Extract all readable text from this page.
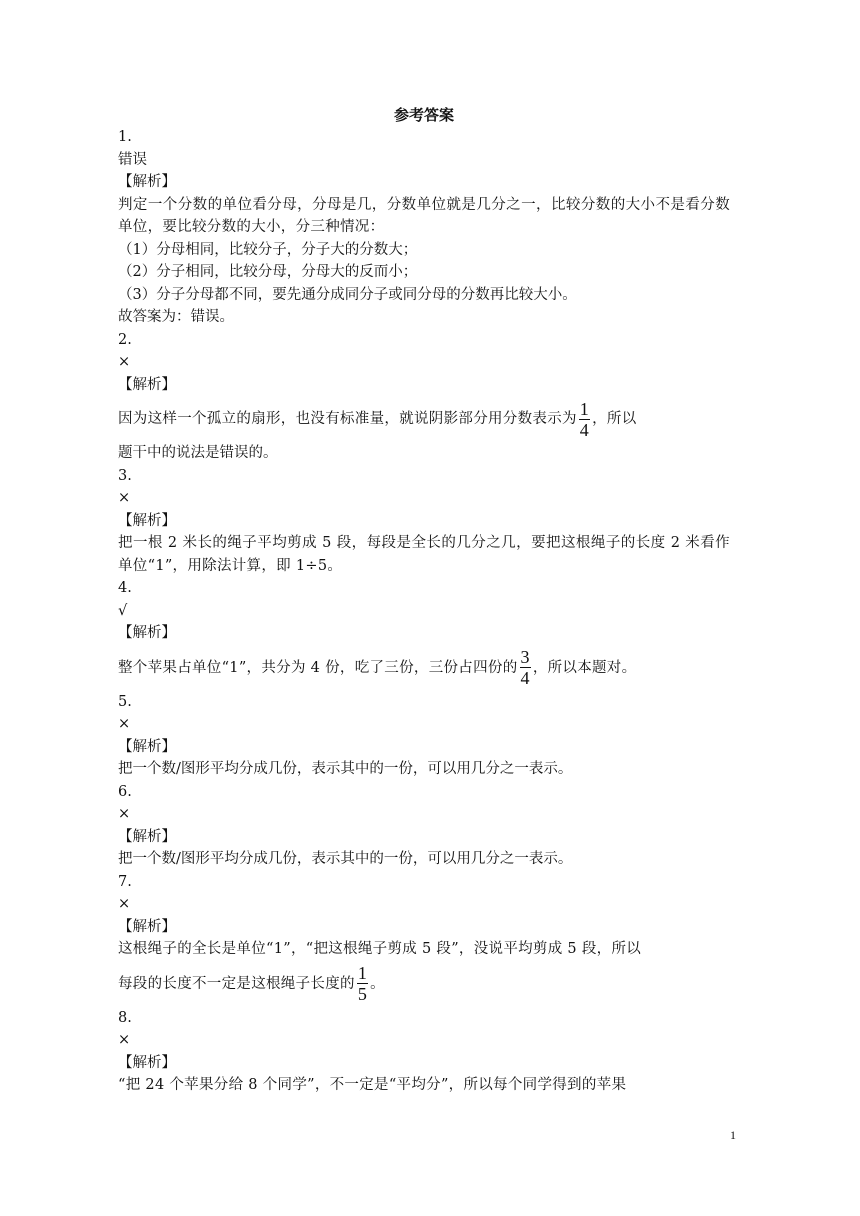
参考答案
1.
错误
【解析】
判定一个分数的单位看分母，分母是几，分数单位就是几分之一，比较分数的大小不是看分数单位，要比较分数的大小，分三种情况：
（1）分母相同，比较分子，分子大的分数大；
（2）分子相同，比较分母，分母大的反而小；
（3）分子分母都不同，要先通分成同分子或同分母的分数再比较大小。
故答案为：错误。
2.
×
【解析】
因为这样一个孤立的扇形，也没有标准量，就说阴影部分用分数表示为 $\frac{1}{4}$ ，所以
题干中的说法是错误的。
3.
×
【解析】
把一根 2 米长的绳子平均剪成 5 段，每段是全长的几分之几，要把这根绳子的长度 2 米看作单位“1”，用除法计算，即 1÷5。
4.
√
【解析】
整个苹果占单位“1”，共分为 4 份，吃了三份，三份占四份的 $\frac{3}{4}$ ，所以本题对。
5.
×
【解析】
把一个数/图形平均分成几份，表示其中的一份，可以用几分之一表示。
6.
×
【解析】
把一个数/图形平均分成几份，表示其中的一份，可以用几分之一表示。
7.
×
【解析】
这根绳子的全长是单位“1”，“把这根绳子剪成 5 段”，没说平均剪成 5 段，所以
每段的长度不一定是这根绳子长度的 $\frac{1}{5}$ 。
8.
×
【解析】
“把 24 个苹果分给 8 个同学”，不一定是“平均分”，所以每个同学得到的苹果
1
